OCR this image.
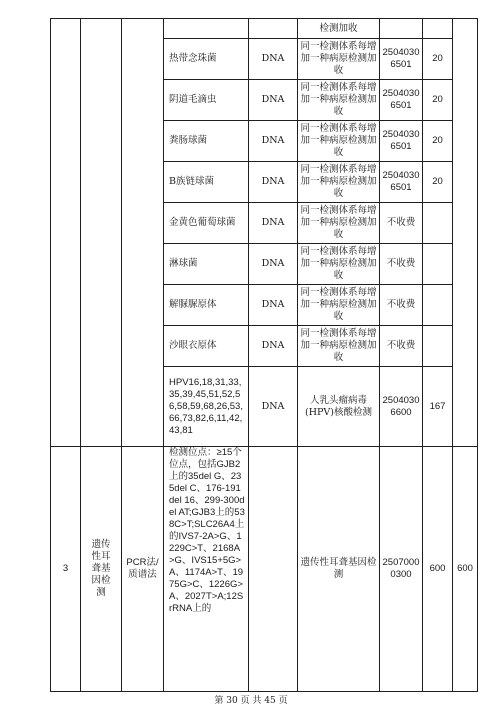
					检测加收			
			热带念珠菌	DNA	同一检测体系每增加一种病原检测加收	25040306501	20	
			阴道毛滴虫	DNA	同一检测体系每增加一种病原检测加收	25040306501	20	
			粪肠球菌	DNA	同一检测体系每增加一种病原检测加收	25040306501	20	
			B族链球菌	DNA	同一检测体系每增加一种病原检测加收	25040306501	20	
			金黄色葡萄球菌	DNA	同一检测体系每增加一种病原检测加收	不收费		
			淋球菌	DNA	同一检测体系每增加一种病原检测加收	不收费		
			解脲脲原体	DNA	同一检测体系每增加一种病原检测加收	不收费		
			沙眼衣原体	DNA	同一检测体系每增加一种病原检测加收	不收费		
			HPV16,18,31,33,35,39,45,51,52,56,58,59,68,26,53,66,73,82,6,11,42,43,81	DNA	人乳头瘤病毒(HPV)核酸检测	25040306600	167	
3	遗传性耳聋基因检测	PCR法/质谱法	检测位点：≥15个位点，包括GJB2上的35del G、235del C、176-191del 16、299-300del AT;GJB3上的538C>T;SLC26A4上的IVS7-2A>G、1229C>T、2168A>G、IVS15+5G>A、1174A>T、1975G>C、1226G>A、2027T>A;12SrRNA上的		遗传性耳聋基因检测	25070000300	600	600
第 30 页 共 45 页
